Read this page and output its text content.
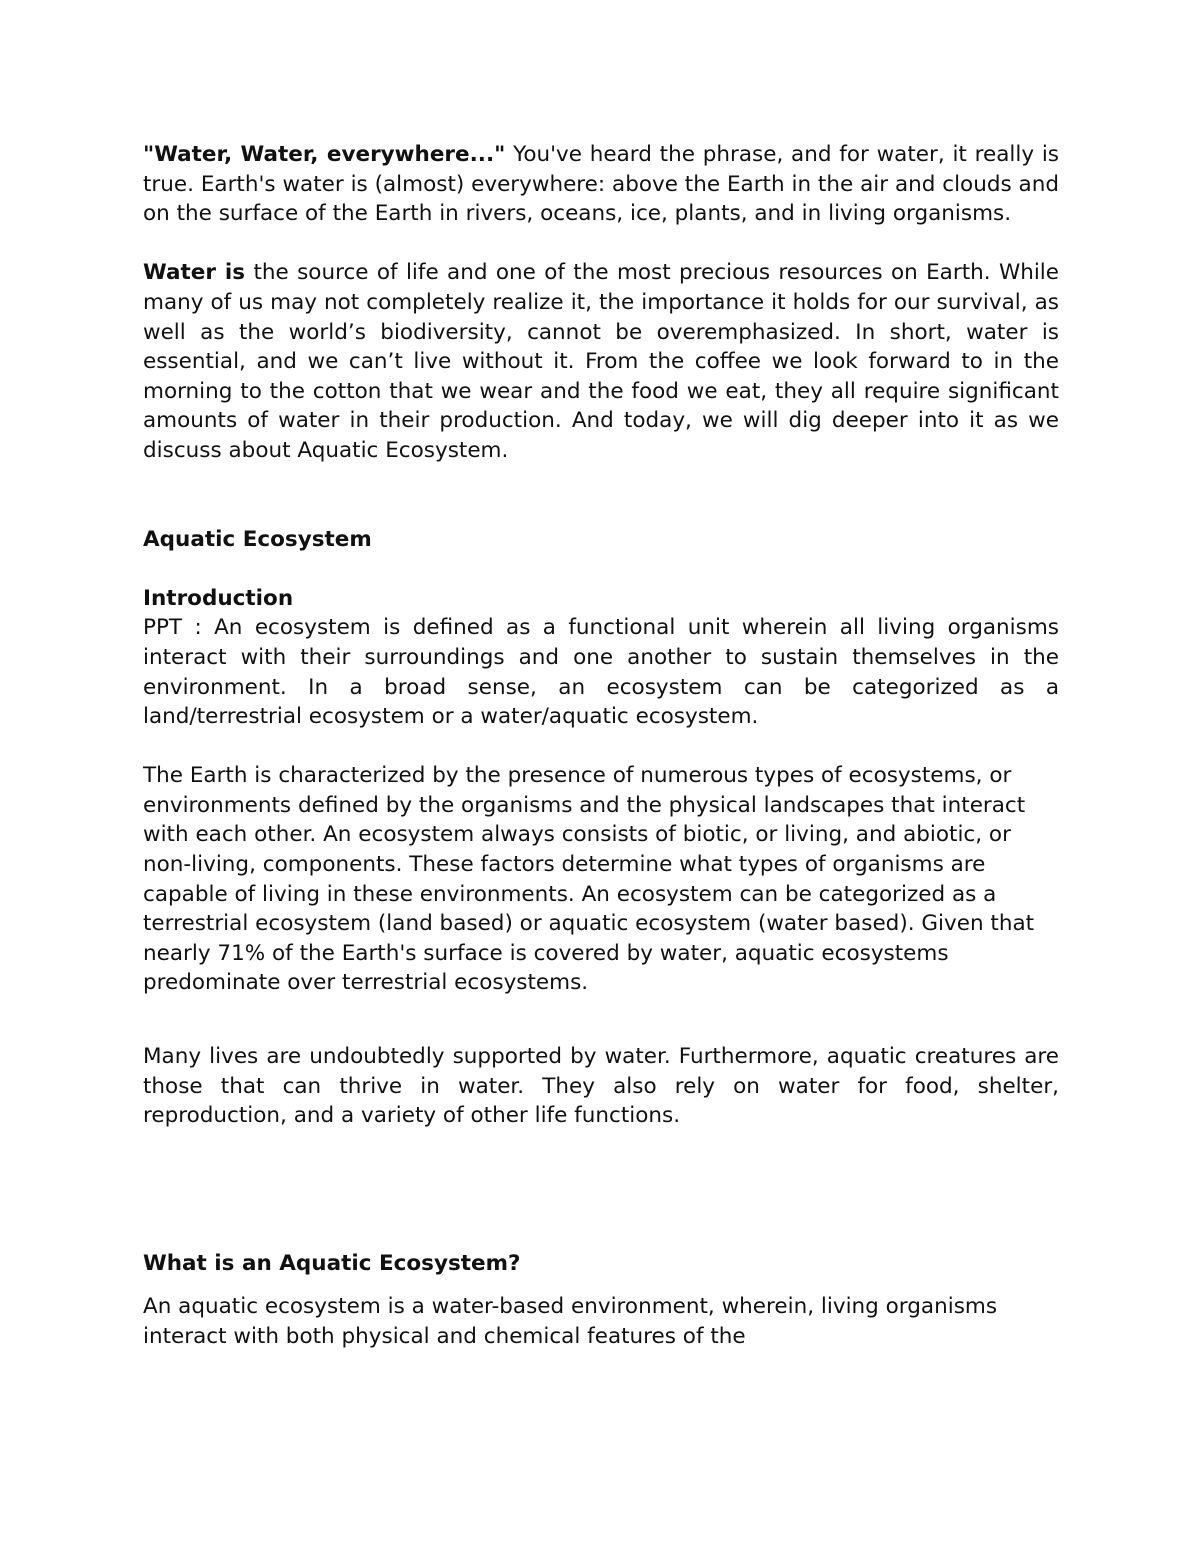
"Water, Water, everywhere..." You've heard the phrase, and for water, it really is true. Earth's water is (almost) everywhere: above the Earth in the air and clouds and on the surface of the Earth in rivers, oceans, ice, plants, and in living organisms.

Water is the source of life and one of the most precious resources on Earth. While many of us may not completely realize it, the importance it holds for our survival, as well as the world’s biodiversity, cannot be overemphasized. In short, water is essential, and we can’t live without it. From the coffee we look forward to in the morning to the cotton that we wear and the food we eat, they all require significant amounts of water in their production. And today, we will dig deeper into it as we discuss about Aquatic Ecosystem.

Aquatic Ecosystem

Introduction

PPT : An ecosystem is defined as a functional unit wherein all living organisms interact with their surroundings and one another to sustain themselves in the environment. In a broad sense, an ecosystem can be categorized as a land/terrestrial ecosystem or a water/aquatic ecosystem.

The Earth is characterized by the presence of numerous types of ecosystems, or environments defined by the organisms and the physical landscapes that interact with each other. An ecosystem always consists of biotic, or living, and abiotic, or non-living, components. These factors determine what types of organisms are capable of living in these environments. An ecosystem can be categorized as a terrestrial ecosystem (land based) or aquatic ecosystem (water based). Given that nearly 71% of the Earth's surface is covered by water, aquatic ecosystems predominate over terrestrial ecosystems.

Many lives are undoubtedly supported by water. Furthermore, aquatic creatures are those that can thrive in water. They also rely on water for food, shelter, reproduction, and a variety of other life functions.

What is an Aquatic Ecosystem?

An aquatic ecosystem is a water-based environment, wherein, living organisms interact with both physical and chemical features of the
